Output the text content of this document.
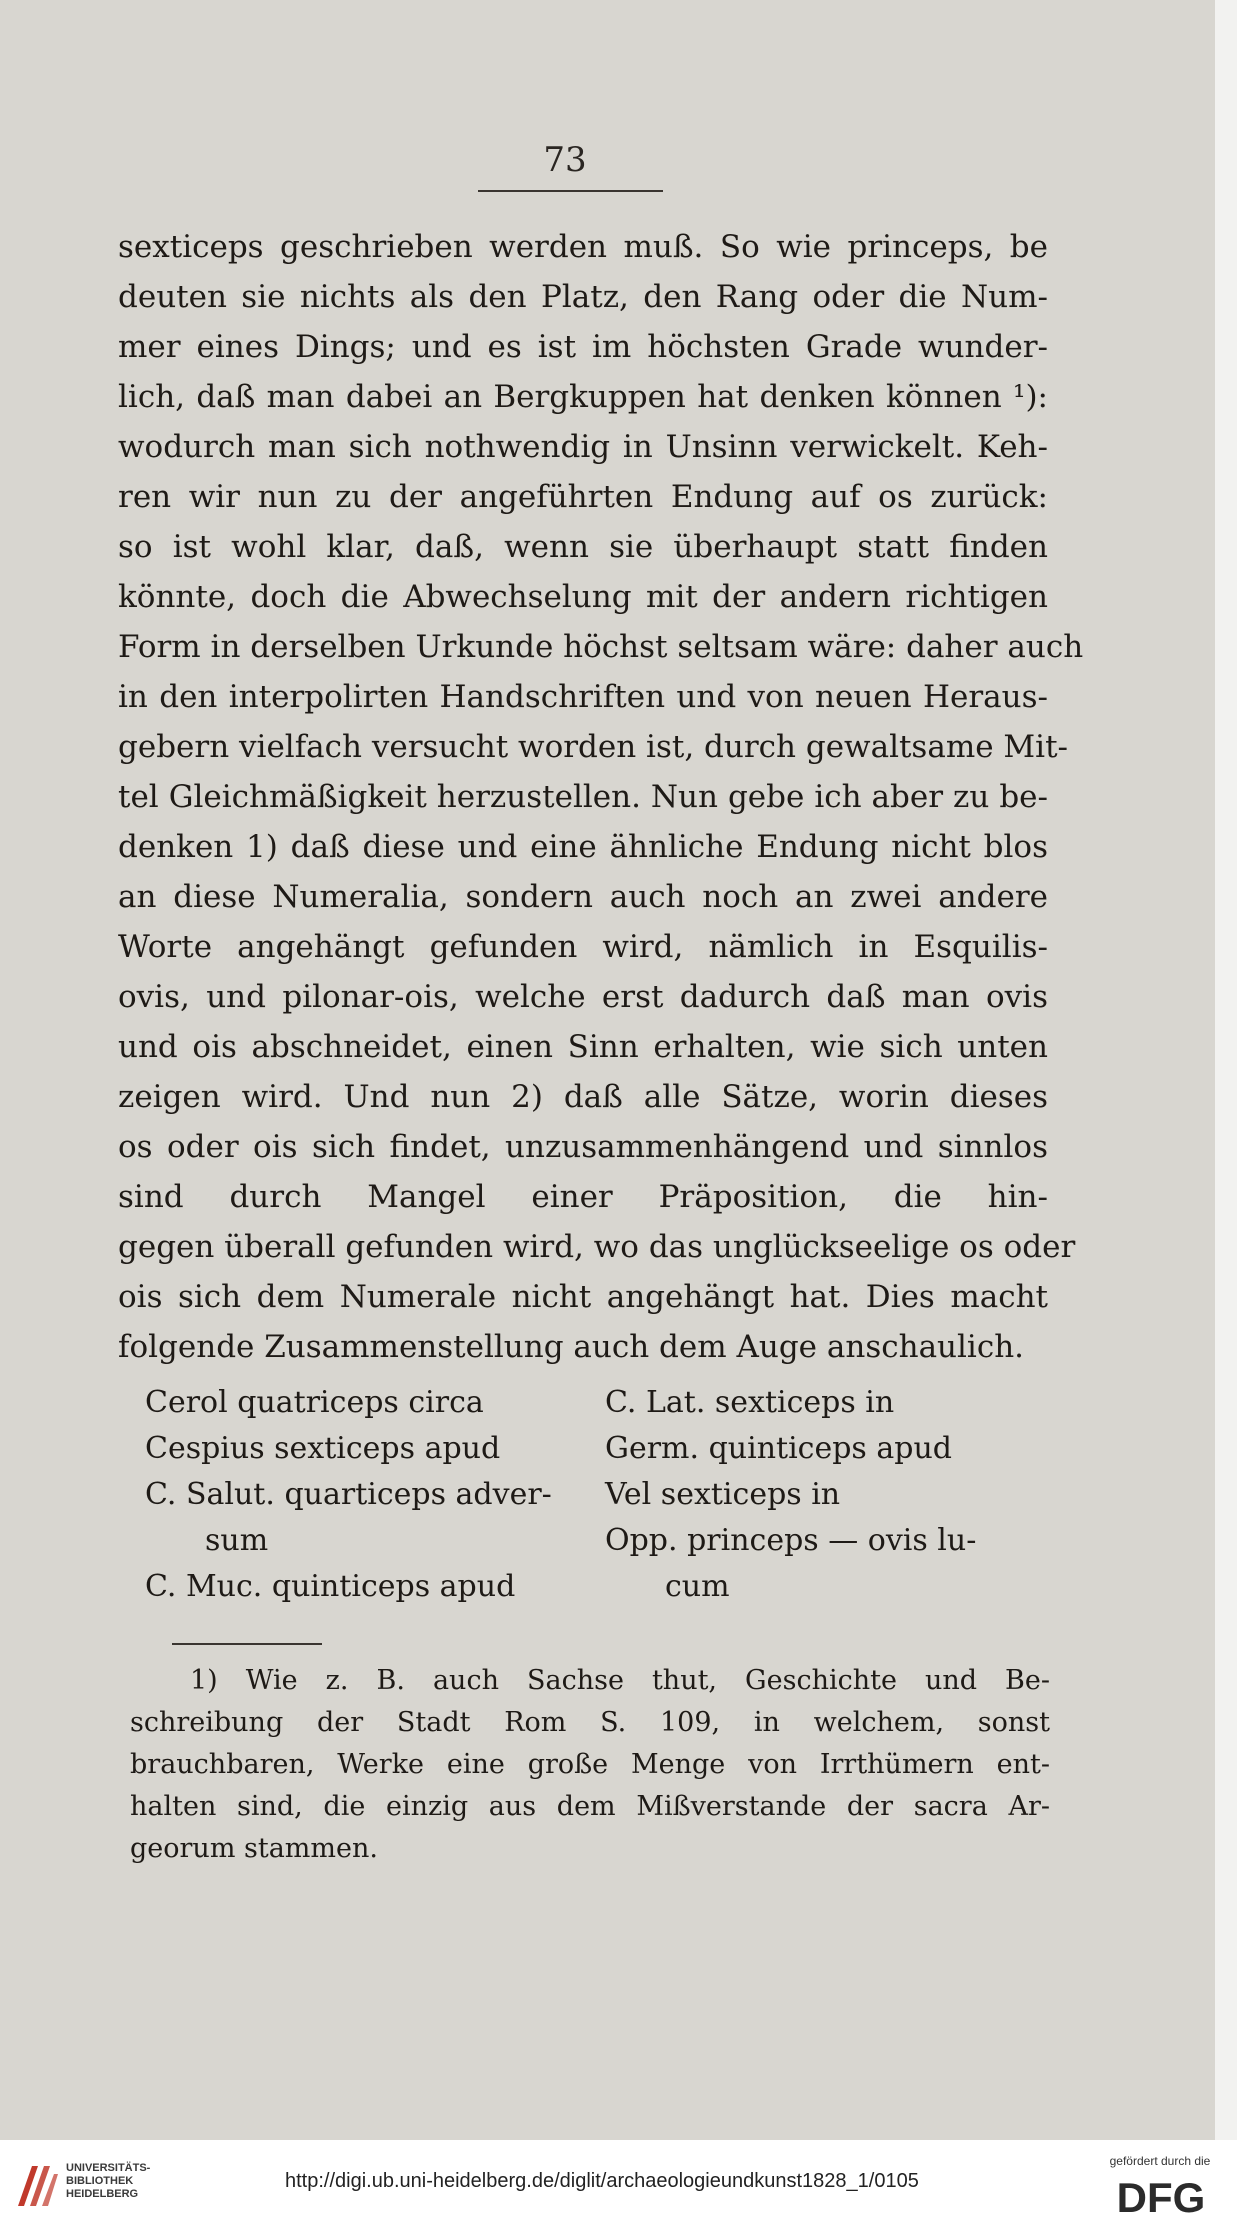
73
sexticeps geschrieben werden muß. So wie princeps, be
deuten sie nichts als den Platz, den Rang oder die Num-
mer eines Dings; und es ist im höchsten Grade wunder-
lich, daß man dabei an Bergkuppen hat denken können ¹):
wodurch man sich nothwendig in Unsinn verwickelt. Keh-
ren wir nun zu der angeführten Endung auf os zurück:
so ist wohl klar, daß, wenn sie überhaupt statt finden
könnte, doch die Abwechselung mit der andern richtigen
Form in derselben Urkunde höchst seltsam wäre: daher auch
in den interpolirten Handschriften und von neuen Heraus-
gebern vielfach versucht worden ist, durch gewaltsame Mit-
tel Gleichmäßigkeit herzustellen. Nun gebe ich aber zu be-
denken 1) daß diese und eine ähnliche Endung nicht blos
an diese Numeralia, sondern auch noch an zwei andere
Worte angehängt gefunden wird, nämlich in Esquilis-
ovis, und pilonar-ois, welche erst dadurch daß man ovis
und ois abschneidet, einen Sinn erhalten, wie sich unten
zeigen wird. Und nun 2) daß alle Sätze, worin dieses
os oder ois sich findet, unzusammenhängend und sinnlos
sind durch Mangel einer Präposition, die hin-
gegen überall gefunden wird, wo das unglückseelige os oder
ois sich dem Numerale nicht angehängt hat. Dies macht
folgende Zusammenstellung auch dem Auge anschaulich.
Cerol quatriceps circa
Cespius sexticeps apud
C. Salut. quarticeps adver-
sum
C. Muc. quinticeps apud
C. Lat. sexticeps in
Germ. quinticeps apud
Vel sexticeps in
Opp. princeps — ovis lu-
cum
1) Wie z. B. auch Sachse thut, Geschichte und Be-
schreibung der Stadt Rom S. 109, in welchem, sonst
brauchbaren, Werke eine große Menge von Irrthümern ent-
halten sind, die einzig aus dem Mißverstande der sacra Ar-
georum stammen.
UNIVERSITÄTS-
BIBLIOTHEK
HEIDELBERG
http://digi.ub.uni-heidelberg.de/diglit/archaeologieundkunst1828_1/0105
gefördert durch die
DFG
